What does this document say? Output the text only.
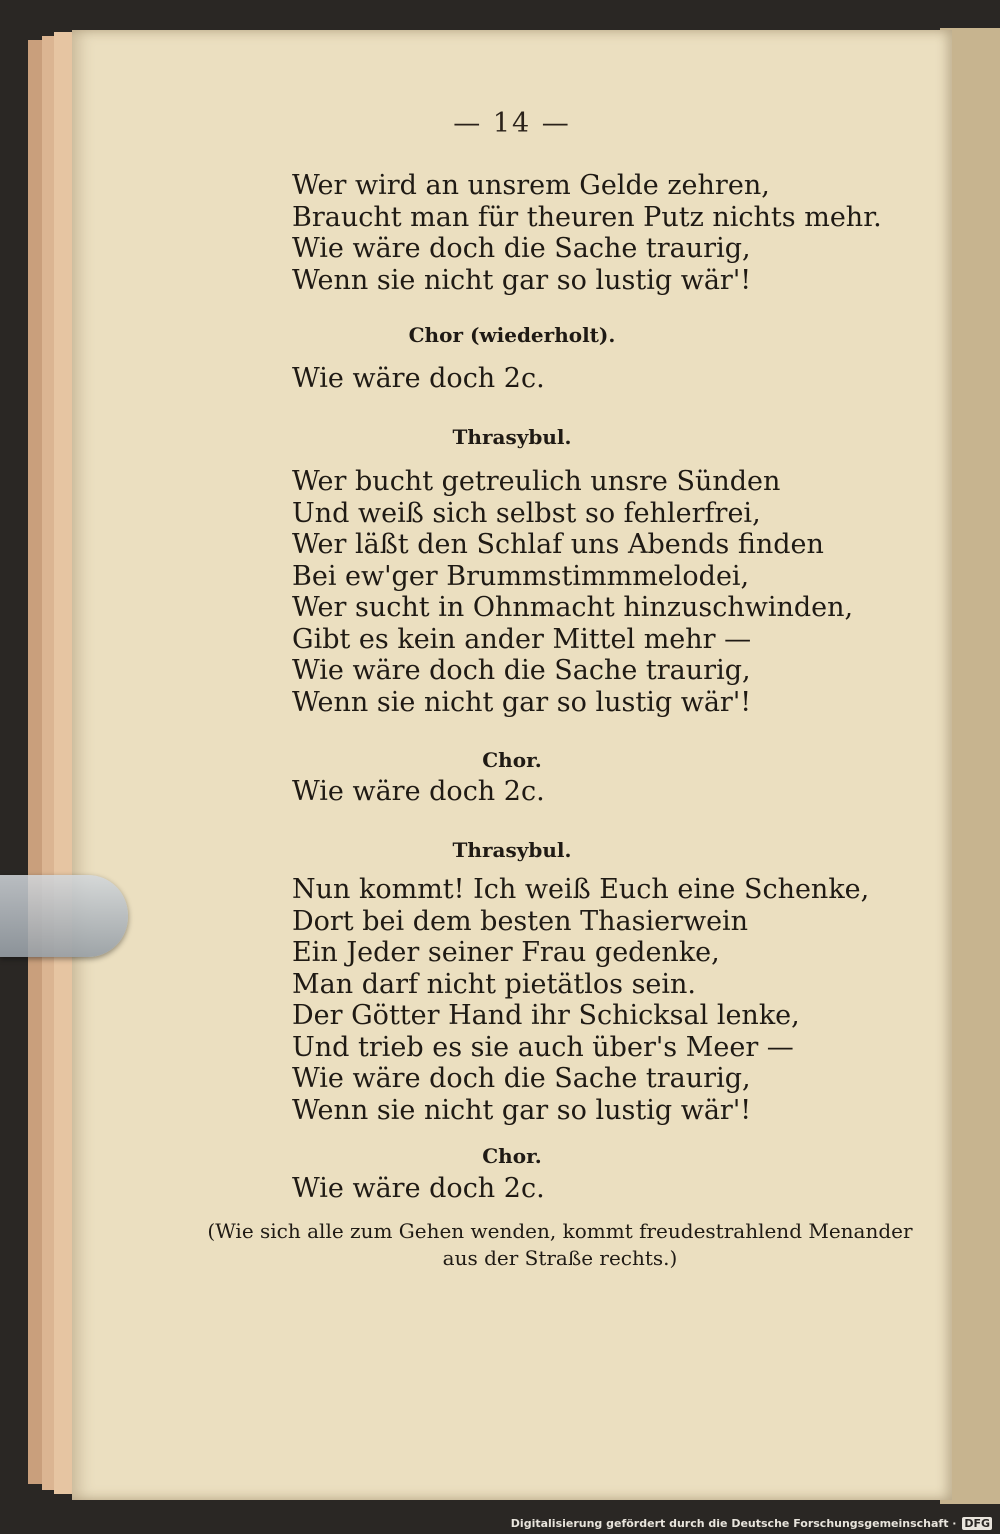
— 14 —
Wer wird an unsrem Gelde zehren,
Braucht man für theuren Putz nichts mehr.
Wie wäre doch die Sache traurig,
Wenn sie nicht gar so lustig wär'!
Chor (wiederholt).
Wie wäre doch 2c.
Thrasybul.
Wer bucht getreulich unsre Sünden
Und weiß sich selbst so fehlerfrei,
Wer läßt den Schlaf uns Abends finden
Bei ew'ger Brummstimmmelodei,
Wer sucht in Ohnmacht hinzuschwinden,
Gibt es kein ander Mittel mehr —
Wie wäre doch die Sache traurig,
Wenn sie nicht gar so lustig wär'!
Chor.
Wie wäre doch 2c.
Thrasybul.
Nun kommt! Ich weiß Euch eine Schenke,
Dort bei dem besten Thasierwein
Ein Jeder seiner Frau gedenke,
Man darf nicht pietätlos sein.
Der Götter Hand ihr Schicksal lenke,
Und trieb es sie auch über's Meer —
Wie wäre doch die Sache traurig,
Wenn sie nicht gar so lustig wär'!
Chor.
Wie wäre doch 2c.
(Wie sich alle zum Gehen wenden, kommt freudestrahlend Menander
aus der Straße rechts.)
Digitalisierung gefördert durch die Deutsche Forschungsgemeinschaft · DFG
